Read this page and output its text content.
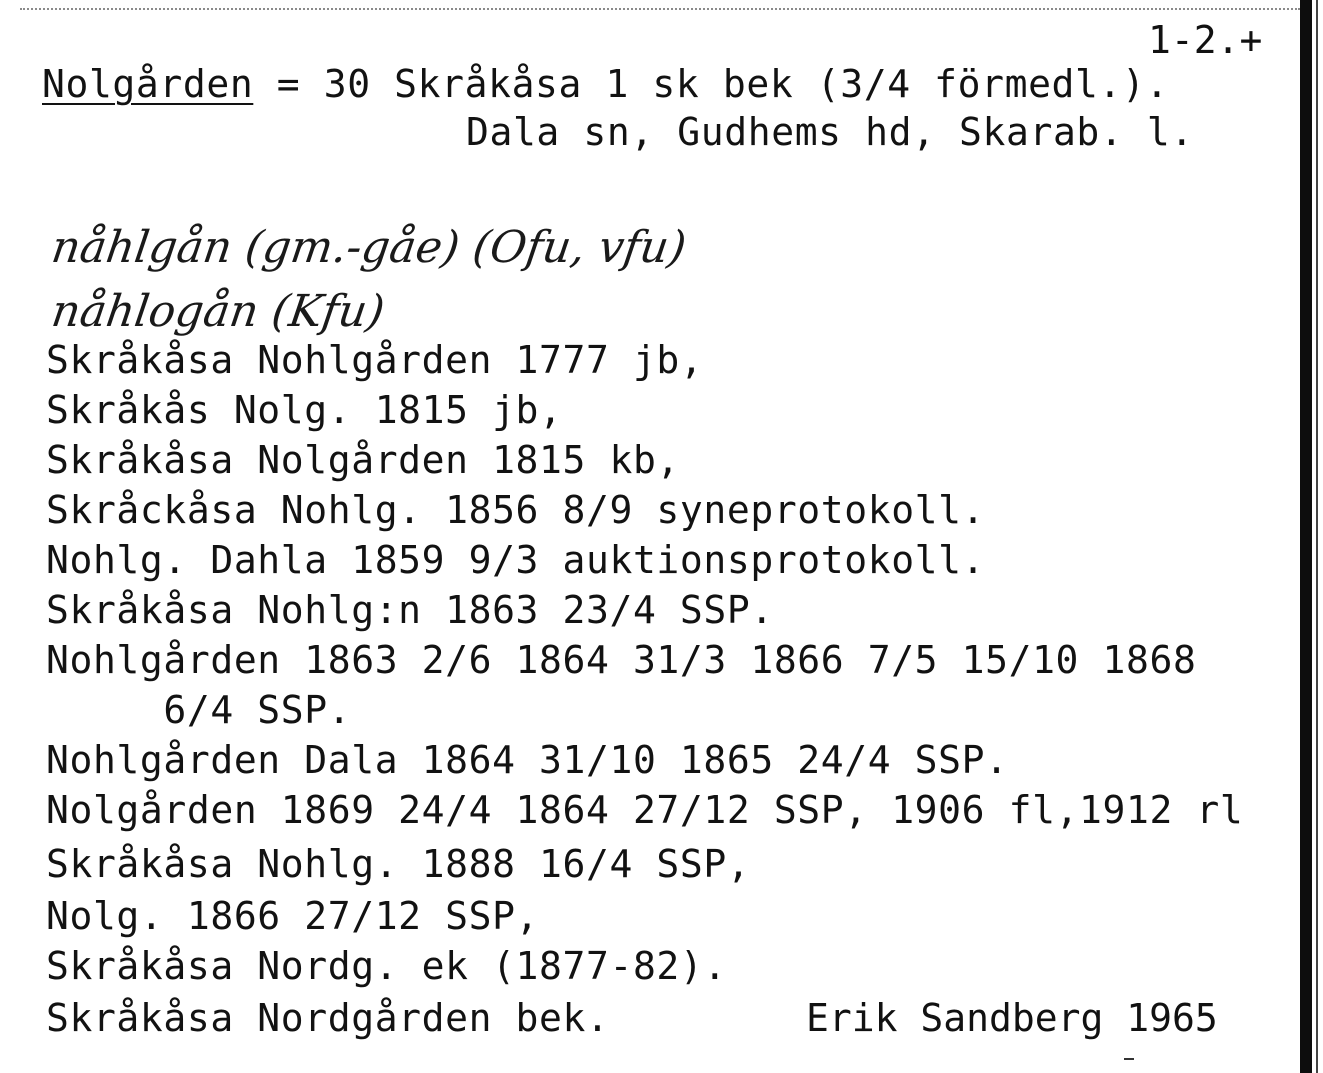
1-2.+
Nolgården = 30 Skråkåsa 1 sk bek (3/4 förmedl.).
Dala sn, Gudhems hd, Skarab. l.
nåhlgån (gm.-gåe) (Ofu, vfu)
nåhlogån (Kfu)
Skråkåsa Nohlgården 1777 jb,
Skråkås Nolg. 1815 jb,
Skråkåsa Nolgården 1815 kb,
Skråckåsa Nohlg. 1856 8/9 syneprotokoll.
Nohlg. Dahla 1859 9/3 auktionsprotokoll.
Skråkåsa Nohlg:n 1863 23/4 SSP.
Nohlgården 1863 2/6 1864 31/3 1866 7/5 15/10 1868
6/4 SSP.
Nohlgården Dala 1864 31/10 1865 24/4 SSP.
Nolgården 1869 24/4 1864 27/12 SSP, 1906 fl,1912 rl
Skråkåsa Nohlg. 1888 16/4 SSP,
Nolg. 1866 27/12 SSP,
Skråkåsa Nordg. ek (1877-82).
Skråkåsa Nordgården bek.	Erik Sandberg 1965
